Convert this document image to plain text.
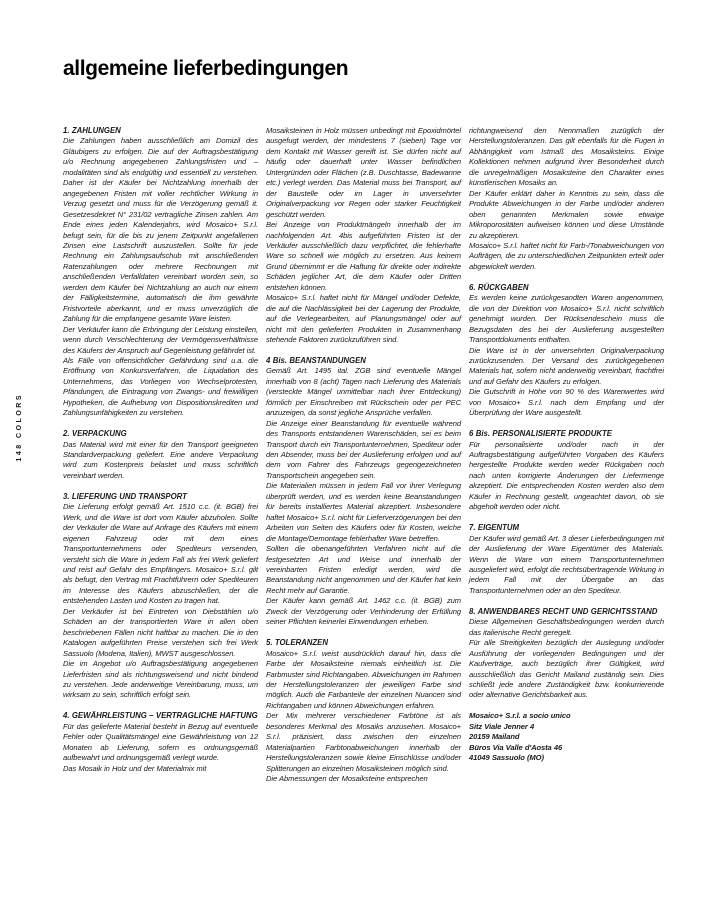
148 COLORS
allgemeine lieferbedingungen
1. ZAHLUNGEN

Die Zahlungen haben ausschließlich am Domizil des Gläubigers zu erfolgen. Die auf der Auftragsbestätigung u/o Rechnung angegebenen Zahlungsfristen und –modalitäten sind als endgültig und essentiell zu verstehen. Daher ist der Käufer bei Nichtzahlung innerhalb der angegebenen Fristen mit voller rechtlicher Wirkung in Verzug gesetzt und muss für die Verzögerung gemäß it. Gesetzesdekret N° 231/02 vertragliche Zinsen zahlen. Am Ende eines jeden Kalenderjahrs, wird Mosaico+ S.r.l. befugt sein, für die bis zu jenem Zeitpunkt angefallenen Zinsen eine Lastschrift auszustellen. Sollte für jede Rechnung ein Zahlungsaufschub mit anschließenden Ratenzahlungen oder mehrere Rechnungen mit anschließenden Verfalldaten vereinbart worden sein, so werden dem Käufer bei Nichtzahlung an auch nur einem der Fälligkeitstermine, automatisch die ihm gewährte Fristvorteile aberkannt, und er muss unverzüglich die Zahlung für die empfangene gesamte Ware leisten.

Der Verkäufer kann die Erbringung der Leistung einstellen, wenn durch Verschlechterung der Vermögensverhältnisse des Käufers der Anspruch auf Gegenleistung gefährdet ist.

Als Fälle von offensichtlicher Gefährdung sind u.a. die Eröffnung von Konkursverfahren, die Liquidation des Unternehmens, das Vorliegen von Wechselprotesten, Pfändungen, die Eintragung von Zwangs- und freiwilligen Hypotheken, die Aufhebung von Dispositionskrediten und Zahlungsunfähigkeiten zu verstehen.

2. VERPACKUNG

Das Material wird mit einer für den Transport geeigneten Standardverpackung geliefert. Eine andere Verpackung wird zum Kostenpreis belastet und muss schriftlich vereinbart werden.

3. LIEFERUNG UND TRANSPORT

Die Lieferung erfolgt gemäß Art. 1510 c.c. (it. BGB) frei Werk, und die Ware ist dort vom Käufer abzuholen. Sollte der Verkäufer die Ware auf Anfrage des Käufers mit einem eigenen Fahrzeug oder mit dem eines Transportunternehmens oder Spediteurs versenden, versteht sich die Ware in jedem Fall als frei Werk geliefert und reist auf Gefahr des Empfängers. Mosaico+ S.r.l. gilt als befugt, den Vertrag mit Frachtführern oder Spediteuren im Interesse des Käufers abzuschließen, der die entstehenden Lasten und Kosten zu tragen hat.

Der Verkäufer ist bei Eintreten von Diebstählen u/o Schäden an der transportierten Ware in allen oben beschriebenen Fällen nicht haftbar zu machen. Die in den Katalogen aufgeführten Preise verstehen sich frei Werk Sassuolo (Modena, Italien), MWST ausgeschlossen.

Die im Angebot u/o Auftragsbestätigung angegebenen Lieferfristen sind als richtungsweisend und nicht bindend zu verstehen. Jede anderweitige Vereinbarung, muss, um wirksam zu sein, schriftlich erfolgt sein.

4. GEWÄHRLEISTUNG – VERTRAGLICHE HAFTUNG

Für das gelieferte Material besteht in Bezug auf eventuelle Fehler oder Qualitätsmängel eine Gewährleistung von 12 Monaten ab Lieferung, sofern es ordnungsgemäß aufbewahrt und ordnungsgemäß verlegt wurde.

Das Mosaik in Holz und der Materialmix mit

Mosaiksteinen in Holz müssen unbedingt mit Epoxidmörtel ausgefugt werden, der mindestens 7 (sieben) Tage vor dem Kontakt mit Wasser gereift ist. Sie dürfen nicht auf häufig oder dauerhaft unter Wasser befindlichen Untergründen oder Flächen (z.B. Duschtasse, Badewanne etc.) verlegt werden. Das Material muss bei Transport, auf der Baustelle oder im Lager in unversehrter Originalverpackung vor Regen oder starker Feuchtigkeit geschützt werden.

Bei Anzeige von Produktmängeln innerhalb der im nachfolgenden Art. 4bis aufgeführten Fristen ist der Verkäufer ausschließlich dazu verpflichtet, die fehlerhafte Ware so schnell wie möglich zu ersetzen. Aus keinem Grund übernimmt er die Haftung für direkte oder indirekte Schäden jeglicher Art, die dem Käufer oder Dritten entstehen können.

Mosaico+ S.r.l. haftet nicht für Mängel und/oder Defekte, die auf die Nachlässigkeit bei der Lagerung der Produkte, auf die Verlegearbeiten, auf Planungsmängel oder auf nicht mit den gelieferten Produkten in Zusammenhang stehende Faktoren zurückzuführen sind.

4 Bis. BEANSTANDUNGEN

Gemäß Art. 1495 ital. ZGB sind eventuelle Mängel innerhalb von 8 (acht) Tagen nach Lieferung des Materials (versteckte Mängel unmittelbar nach ihrer Entdeckung) förmlich per Einschreiben mit Rückschein oder per PEC anzuzeigen, da sonst jegliche Ansprüche verfallen.

Die Anzeige einer Beanstandung für eventuelle während des Transports entstandenen Warenschäden, sei es beim Transport durch ein Transportunternehmen, Spediteur oder den Absender, muss bei der Auslieferung erfolgen und auf dem vom Fahrer des Fahrzeugs gegengezeichneten Transportschein angegeben sein.

Die Materialien müssen in jedem Fall vor ihrer Verlegung überprüft werden, und es werden keine Beanstandungen für bereits installiertes Material akzeptiert. Insbesondere haftet Mosaico+ S.r.l. nicht für Lieferverzögerungen bei den Arbeiten von Seiten des Käufers oder für Kosten, welche die Montage/Demontage fehlerhafter Ware betreffen.

Sollten die obenangeführten Verfahren nicht auf die festgesetzten Art und Weise und innerhalb der vereinbarten Fristen erledigt werden, wird die Beanstandung nicht angenommen und der Käufer hat kein Recht mehr auf Garantie.

Der Käufer kann gemäß Art. 1462 c.c. (it. BGB) zum Zweck der Verzögerung oder Verhinderung der Erfüllung seiner Pflichten keinerlei Einwendungen erheben.

5. TOLERANZEN

Mosaico+ S.r.l. weist ausdrücklich darauf hin, dass die Farbe der Mosaiksteine niemals einheitlich ist. Die Farbmuster sind Richtangaben. Abweichungen im Rahmen der Herstellungstoleranzen der jeweiligen Farbe sind möglich. Auch die Farbanteile der einzelnen Nuancen sind Richtangaben und können Abweichungen erfahren.

Der Mix mehrerer verschiedener Farbtöne ist als besonderes Merkmal des Mosaiks anzusehen. Mosaico+ S.r.l. präzisiert, dass zwischen den einzelnen Materialpartien Farbtonabweichungen innerhalb der Herstellungstoleranzen sowie kleine Einschlüsse und/oder Splitterungen an einzelnen Mosaiksteinen möglich sind.

Die Abmessungen der Mosaiksteine entsprechen

richtungweisend den Nennmaßen zuzüglich der Herstellungstoleranzen. Das gilt ebenfalls für die Fugen in Abhängigkeit vom Istmaß des Mosaiksteins. Einige Kollektionen nehmen aufgrund ihrer Besonderheit durch die unregelmäßigen Mosaiksteine den Charakter eines künstlerischen Mosaiks an.

Der Käufer erklärt daher in Kenntnis zu sein, dass die Produkte Abweichungen in der Farbe und/oder anderen oben genannten Merkmalen sowie etwaige Mikroporositäten aufweisen können und diese Umstände zu akzeptieren.

Mosaico+ S.r.l. haftet nicht für Farb-/Tonabweichungen von Aufträgen, die zu unterschiedlichen Zeitpunkten erteilt oder abgewickelt werden.

6. RÜCKGABEN

Es werden keine zurückgesandten Waren angenommen, die von der Direktion von Mosaico+ S.r.l. nicht schriftlich genehmigt wurden. Der Rücksendeschein muss die Bezugsdaten des bei der Auslieferung ausgestellten Transportdokuments enthalten.

Die Ware ist in der unversehrten Originalverpackung zurückzusenden. Der Versand des zurückgegebenen Materials hat, sofern nicht anderweitig vereinbart, frachtfrei und auf Gefahr des Käufers zu erfolgen.

Die Gutschrift in Höhe von 90 % des Warenwertes wird von Mosaico+ S.r.l. nach dem Empfang und der Überprüfung der Ware ausgestellt.

6 Bis. PERSONALISIERTE PRODUKTE

Für personalisierte und/oder nach in der Auftragsbestätigung aufgeführten Vorgaben des Käufers hergestellte Produkte werden weder Rückgaben noch nach unten korrigierte Änderungen der Liefermenge akzeptiert. Die entsprechenden Kosten werden also dem Käufer in Rechnung gestellt, ungeachtet davon, ob sie abgeholt werden oder nicht.

7. EIGENTUM

Der Käufer wird gemäß Art. 3 dieser Lieferbedingungen mit der Auslieferung der Ware Eigentümer des Materials. Wenn die Ware von einem Transportunternehmen ausgeliefert wird, erfolgt die rechtsübertragende Wirkung in jedem Fall mit der Übergabe an das Transportunternehmen oder an den Spediteur.

8. ANWENDBARES RECHT UND GERICHTSSTAND

Diese Allgemeinen Geschäftsbedingungen werden durch das italienische Recht geregelt.

Für alle Streitigkeiten bezüglich der Auslegung und/oder Ausführung der vorliegenden Bedingungen und der Kaufverträge, auch bezüglich ihrer Gültigkeit, wird ausschließlich das Gericht Mailand zuständig sein. Dies schließt jede andere Zuständigkeit bzw. konkurrierende oder alternative Gerichtsbarkeit aus.

Mosaico+ S.r.l. a socio unico

Sitz Viale Jenner 4

20159 Mailand

Büros Via Valle d'Aosta 46

41049 Sassuolo (MO)
